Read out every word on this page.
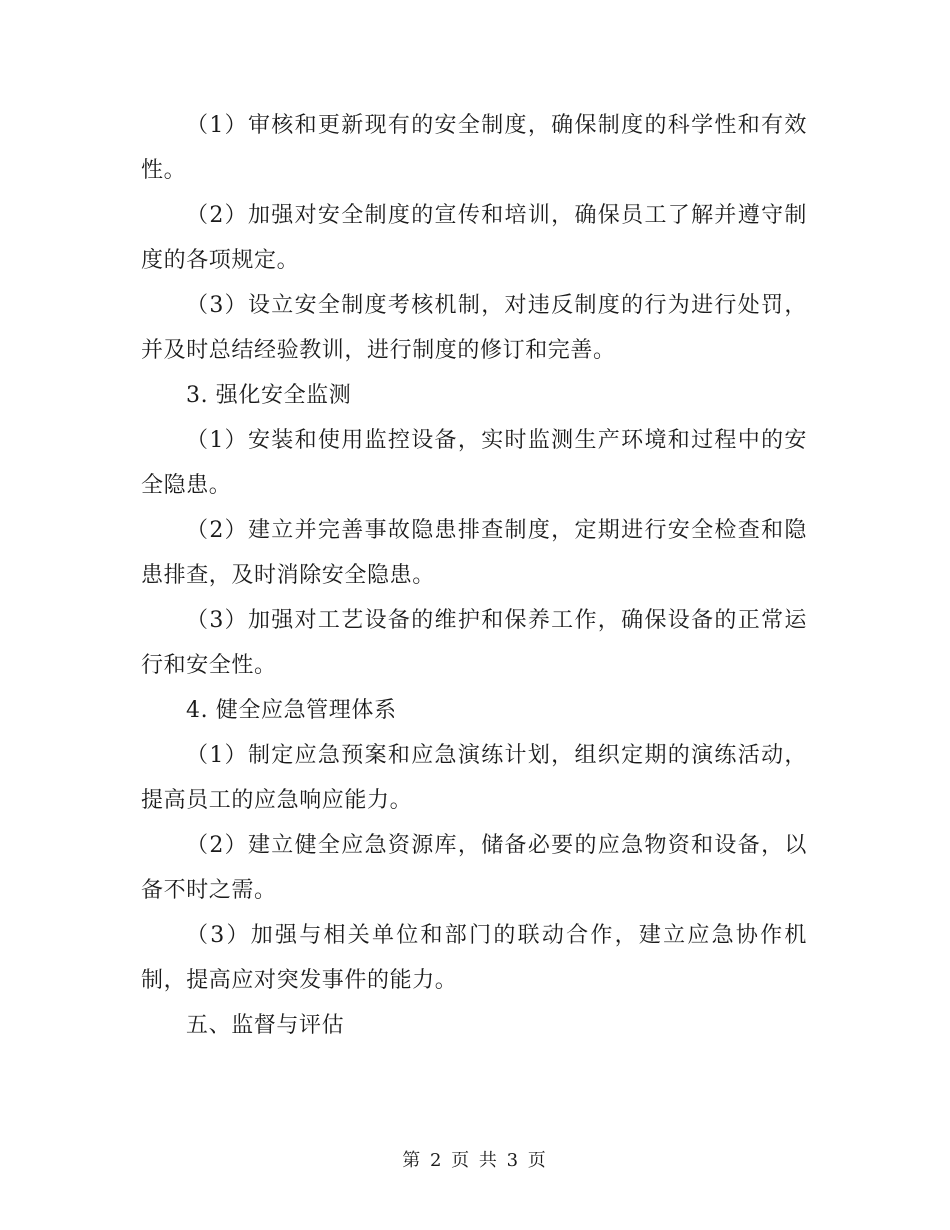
（1）审核和更新现有的安全制度，确保制度的科学性和有效性。

（2）加强对安全制度的宣传和培训，确保员工了解并遵守制度的各项规定。

（3）设立安全制度考核机制，对违反制度的行为进行处罚，并及时总结经验教训，进行制度的修订和完善。

3. 强化安全监测

（1）安装和使用监控设备，实时监测生产环境和过程中的安全隐患。

（2）建立并完善事故隐患排查制度，定期进行安全检查和隐患排查，及时消除安全隐患。

（3）加强对工艺设备的维护和保养工作，确保设备的正常运行和安全性。

4. 健全应急管理体系

（1）制定应急预案和应急演练计划，组织定期的演练活动，提高员工的应急响应能力。

（2）建立健全应急资源库，储备必要的应急物资和设备，以备不时之需。

（3）加强与相关单位和部门的联动合作，建立应急协作机制，提高应对突发事件的能力。

五、监督与评估

第 2 页 共 3 页
